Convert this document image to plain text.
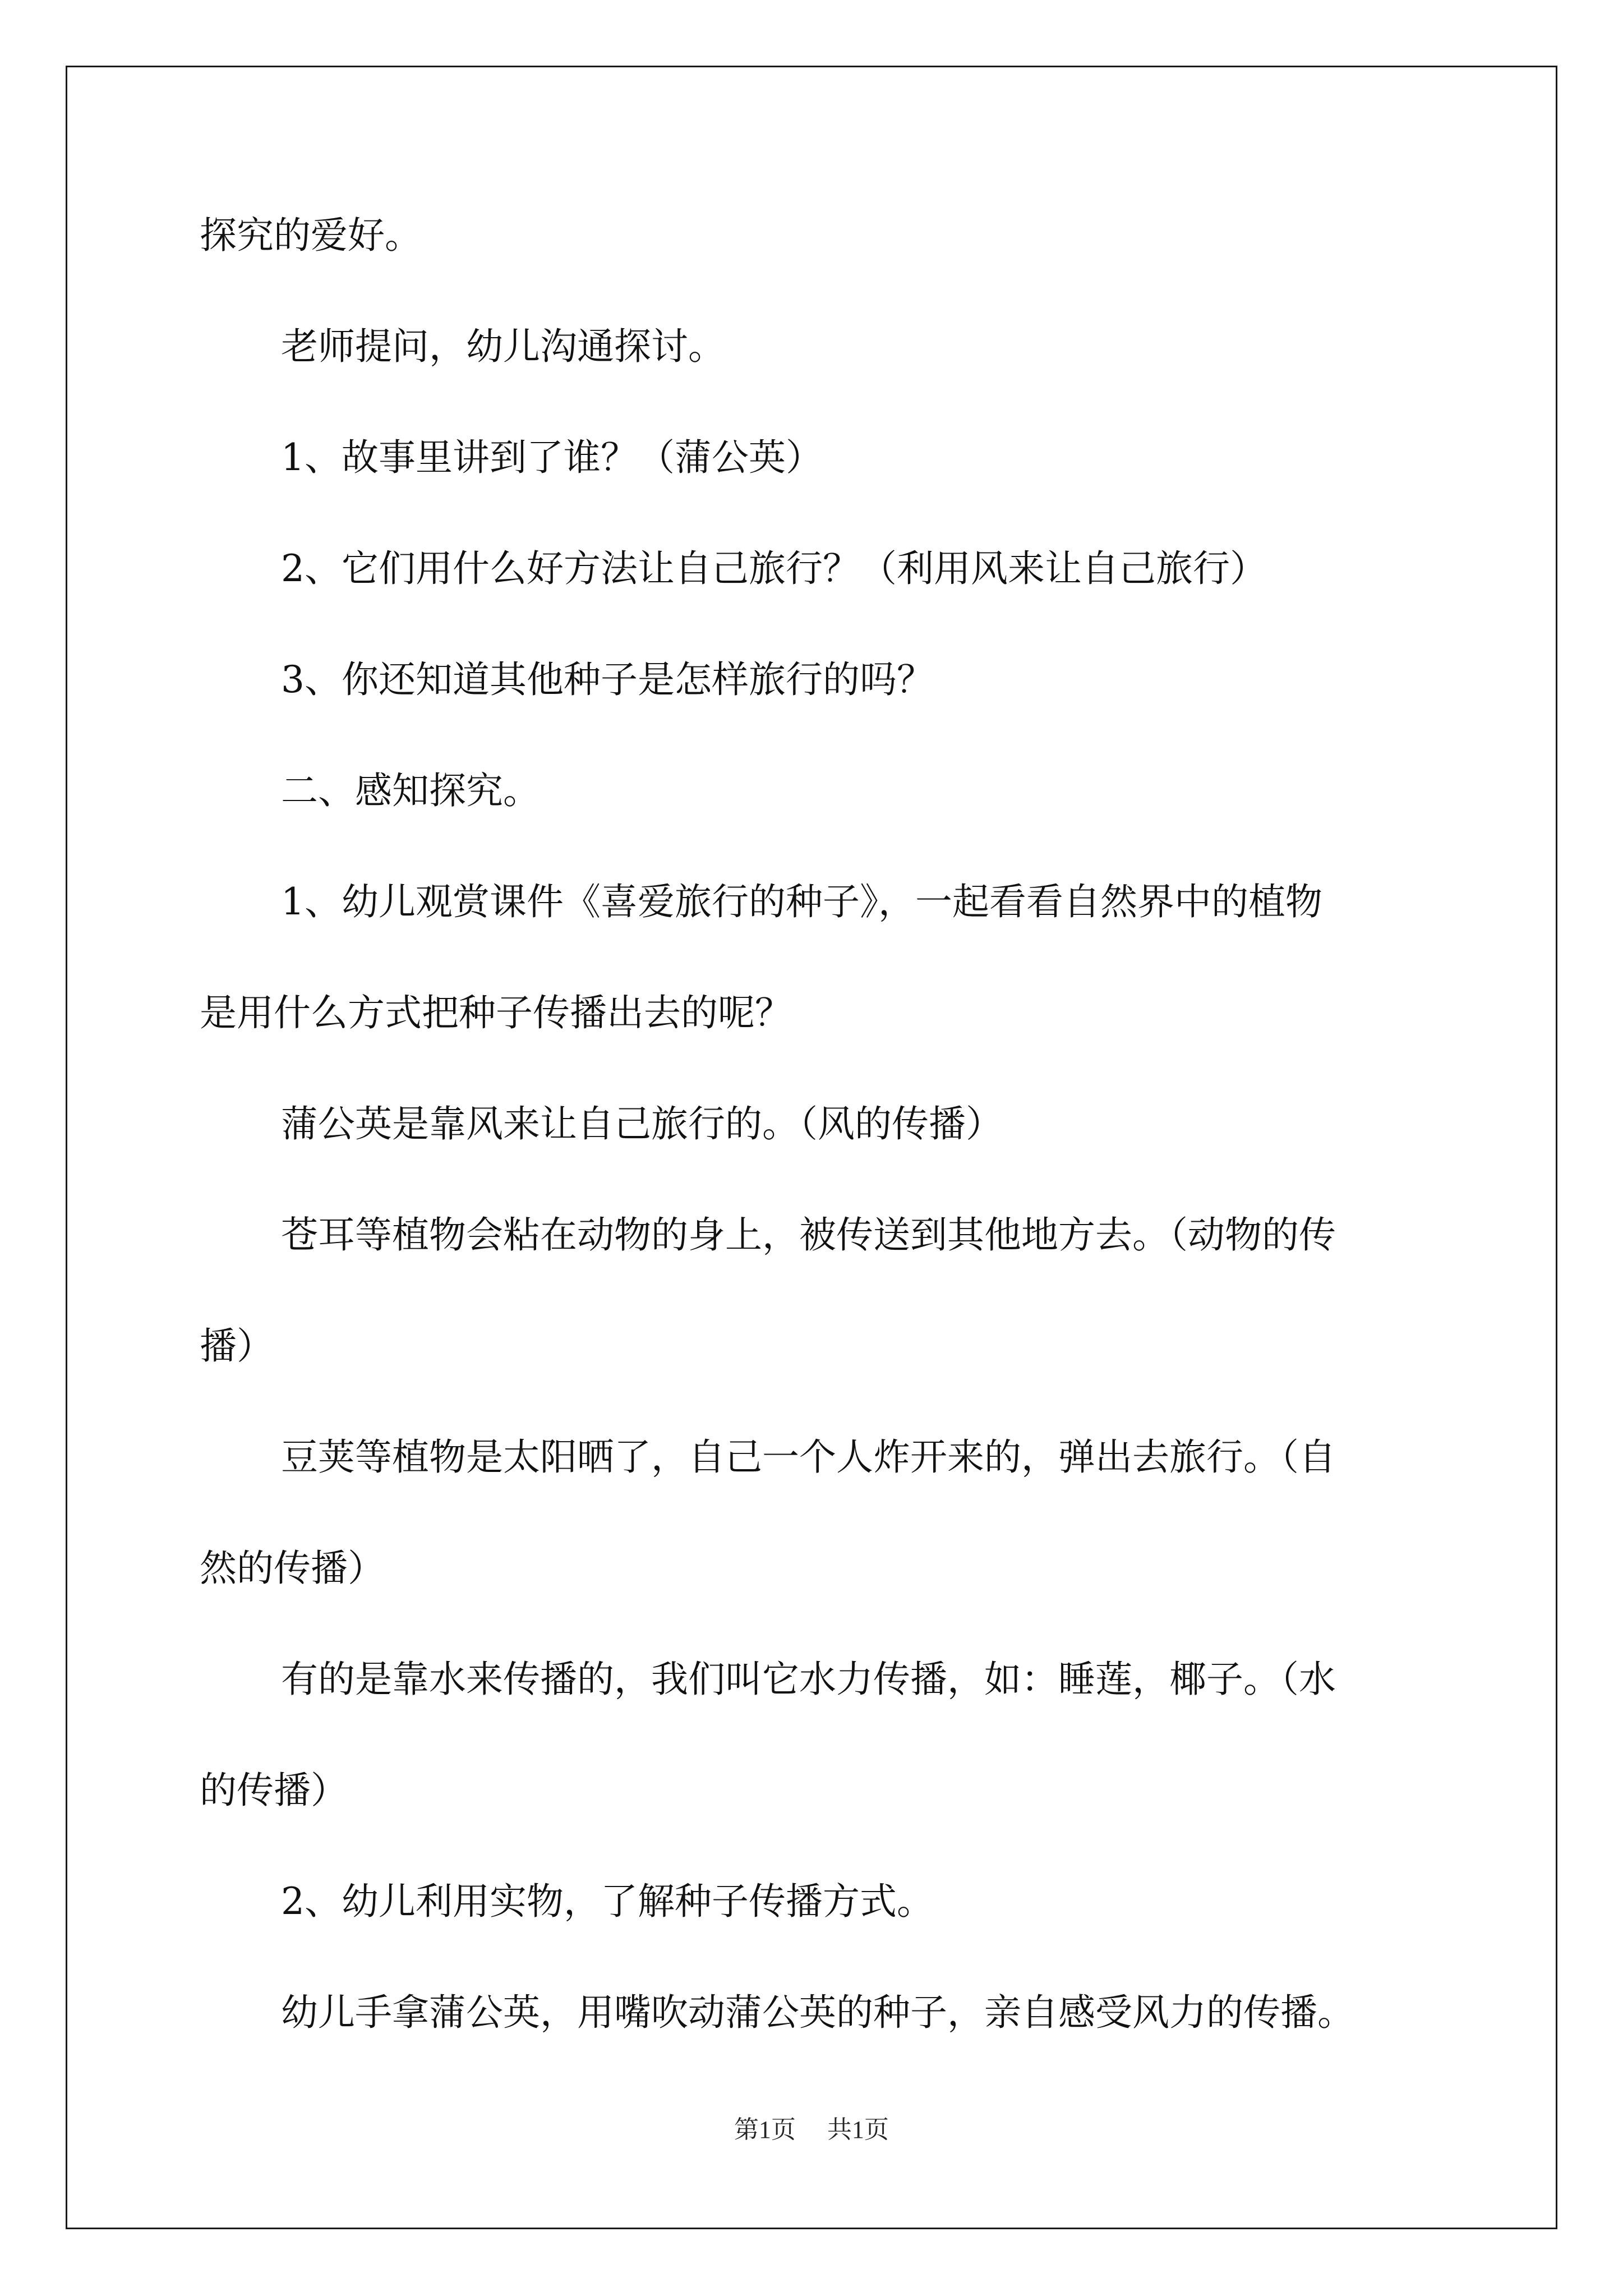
探究的爱好。
老师提问，幼儿沟通探讨。
1、故事里讲到了谁？（蒲公英）
2、它们用什么好方法让自己旅行？（利用风来让自己旅行）
3、你还知道其他种子是怎样旅行的吗？
二、感知探究。
1、幼儿观赏课件《喜爱旅行的种子》，一起看看自然界中的植物
是用什么方式把种子传播出去的呢？
蒲公英是靠风来让自己旅行的。（风的传播）
苍耳等植物会粘在动物的身上，被传送到其他地方去。（动物的传
播）
豆荚等植物是太阳晒了，自己一个人炸开来的，弹出去旅行。（自
然的传播）
有的是靠水来传播的，我们叫它水力传播，如：睡莲，椰子。（水
的传播）
2、幼儿利用实物，了解种子传播方式。
幼儿手拿蒲公英，用嘴吹动蒲公英的种子，亲自感受风力的传播。
第1页 共1页
